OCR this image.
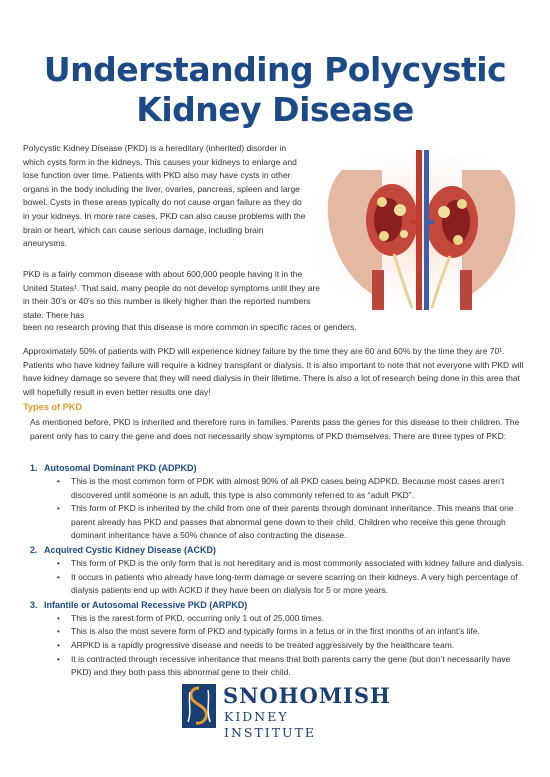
Understanding Polycystic
Kidney Disease

Polycystic Kidney Disease (PKD) is a hereditary (inherited) disorder in which cysts form in the kidneys. This causes your kidneys to enlarge and lose function over time. Patients with PKD also may have cysts in other organs in the body including the liver, ovaries, pancreas, spleen and large bowel. Cysts in these areas typically do not cause organ failure as they do in your kidneys. In more rare cases, PKD can also cause problems with the brain or heart, which can cause serious damage, including brain aneurysms.

PKD is a fairly common disease with about 600,000 people having it in the United States¹. That said, many people do not develop symptoms until they are in their 30’s or 40’s so this number is likely higher than the reported numbers state. There has

been no research proving that this disease is more common in specific races or genders.

Approximately 50% of patients with PKD will experience kidney failure by the time they are 60 and 60% by the time they are 70¹. Patients who have kidney failure will require a kidney transplant or dialysis. It is also important to note that not everyone with PKD will have kidney damage so severe that they will need dialysis in their lifetime. There is also a lot of research being done in this area that will hopefully result in even better results one day!

Types of PKD

As mentioned before, PKD is inherited and therefore runs in families. Parents pass the genes for this disease to their children. The parent only has to carry the gene and does not necessarily show symptoms of PKD themselves. There are three types of PKD:

1. Autosomal Dominant PKD (ADPKD)
•	This is the most common form of PDK with almost 90% of all PKD cases being ADPKD. Because most cases aren’t discovered until someone is an adult, this type is also commonly referred to as “adult PKD”.
•	This form of PKD is inherited by the child from one of their parents through dominant inheritance. This means that one parent already has PKD and passes that abnormal gene down to their child. Children who receive this gene through dominant inheritance have a 50% chance of also contracting the disease.
2. Acquired Cystic Kidney Disease (ACKD)
•	This form of PKD is the only form that is not hereditary and is most commonly associated with kidney failure and dialysis.
•	It occurs in patients who already have long-term damage or severe scarring on their kidneys. A very high percentage of dialysis patients end up with ACKD if they have been on dialysis for 5 or more years.
3. Infantile or Autosomal Recessive PKD (ARPKD)
•	This is the rarest form of PKD, occurring only 1 out of 25,000 times.
•	This is also the most severe form of PKD and typically forms in a fetus or in the first months of an infant’s life.
•	ARPKD is a rapidly progressive disease and needs to be treated aggressively by the healthcare team.
•	It is contracted through recessive inheritance that means that both parents carry the gene (but don’t necessarily have PKD) and they both pass this abnormal gene to their child.
SNOHOMISH
KIDNEY INSTITUTE
